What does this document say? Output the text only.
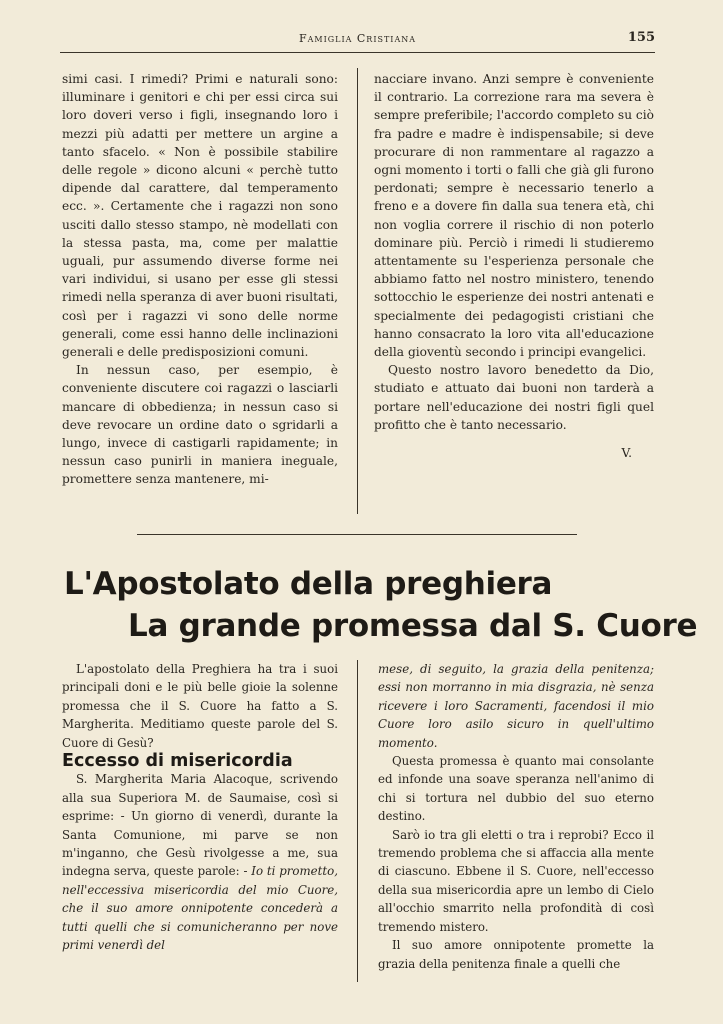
Famiglia Cristiana	155

simi casi. I rimedi? Primi e naturali sono: illuminare i genitori e chi per essi circa sui loro doveri verso i figli, insegnando loro i mezzi più adatti per mettere un argine a tanto sfacelo. « Non è possibile stabilire delle regole » dicono alcuni « perchè tutto dipende dal carattere, dal temperamento ecc. ». Certamente che i ragazzi non sono usciti dallo stesso stampo, nè modellati con la stessa pasta, ma, come per malattie uguali, pur assumendo diverse forme nei vari individui, si usano per esse gli stessi rimedi nella speranza di aver buoni risultati, così per i ragazzi vi sono delle norme generali, come essi hanno delle inclinazioni generali e delle predisposizioni comuni.

In nessun caso, per esempio, è conveniente discutere coi ragazzi o lasciarli mancare di obbedienza; in nessun caso si deve revocare un ordine dato o sgridarli a lungo, invece di castigarli rapidamente; in nessun caso punirli in maniera ineguale, promettere senza mantenere, mi-

nacciare invano. Anzi sempre è conveniente il contrario. La correzione rara ma severa è sempre preferibile; l'accordo completo su ciò fra padre e madre è indispensabile; si deve procurare di non rammentare al ragazzo a ogni momento i torti o falli che già gli furono perdonati; sempre è necessario tenerlo a freno e a dovere fin dalla sua tenera età, chi non voglia correre il rischio di non poterlo dominare più. Perciò i rimedi li studieremo attentamente su l'esperienza personale che abbiamo fatto nel nostro ministero, tenendo sottocchio le esperienze dei nostri antenati e specialmente dei pedagogisti cristiani che hanno consacrato la loro vita all'educazione della gioventù secondo i principi evangelici.

Questo nostro lavoro benedetto da Dio, studiato e attuato dai buoni non tarderà a portare nell'educazione dei nostri figli quel profitto che è tanto necessario.

V.
L'Apostolato della preghiera
La grande promessa dal S. Cuore

L'apostolato della Preghiera ha tra i suoi principali doni e le più belle gioie la solenne promessa che il S. Cuore ha fatto a S. Margherita. Meditiamo queste parole del S. Cuore di Gesù?

Eccesso di misericordia

S. Margherita Maria Alacoque, scrivendo alla sua Superiora M. de Saumaise, così si esprime: - Un giorno di venerdì, durante la Santa Comunione, mi parve se non m'inganno, che Gesù rivolgesse a me, sua indegna serva, queste parole: - Io ti prometto, nell'eccessiva misericordia del mio Cuore, che il suo amore onnipotente concederà a tutti quelli che si comunicheranno per nove primi venerdì del

mese, di seguito, la grazia della penitenza; essi non morranno in mia disgrazia, nè senza ricevere i loro Sacramenti, facendosi il mio Cuore loro asilo sicuro in quell'ultimo momento.

Questa promessa è quanto mai consolante ed infonde una soave speranza nell'animo di chi si tortura nel dubbio del suo eterno destino.

Sarò io tra gli eletti o tra i reprobi? Ecco il tremendo problema che si affaccia alla mente di ciascuno. Ebbene il S. Cuore, nell'eccesso della sua misericordia apre un lembo di Cielo all'occhio smarrito nella profondità di così tremendo mistero.

Il suo amore onnipotente promette la grazia della penitenza finale a quelli che
